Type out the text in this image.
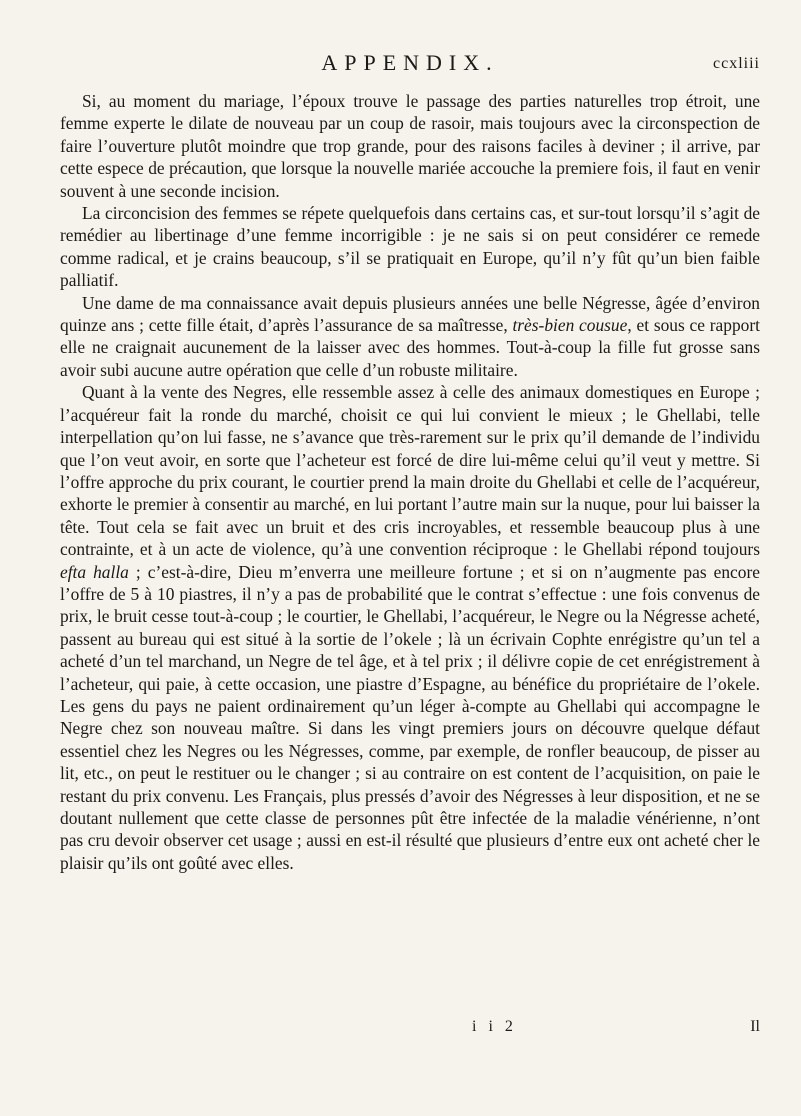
APPENDIX.	ccxliii

Si, au moment du mariage, l’époux trouve le passage des parties naturelles trop étroit, une femme experte le dilate de nouveau par un coup de rasoir, mais toujours avec la circonspection de faire l’ouverture plutôt moindre que trop grande, pour des raisons faciles à deviner ; il arrive, par cette espece de précaution, que lorsque la nouvelle mariée accouche la premiere fois, il faut en venir souvent à une seconde incision.

La circoncision des femmes se répete quelquefois dans certains cas, et sur-tout lorsqu’il s’agit de remédier au libertinage d’une femme incorrigible : je ne sais si on peut considérer ce remede comme radical, et je crains beaucoup, s’il se pratiquait en Europe, qu’il n’y fût qu’un bien faible palliatif.

Une dame de ma connaissance avait depuis plusieurs années une belle Négresse, âgée d’environ quinze ans ; cette fille était, d’après l’assurance de sa maîtresse, très-bien cousue, et sous ce rapport elle ne craignait aucunement de la laisser avec des hommes. Tout-à-coup la fille fut grosse sans avoir subi aucune autre opération que celle d’un robuste militaire.

Quant à la vente des Negres, elle ressemble assez à celle des animaux domestiques en Europe ; l’acquéreur fait la ronde du marché, choisit ce qui lui convient le mieux ; le Ghellabi, telle interpellation qu’on lui fasse, ne s’avance que très-rarement sur le prix qu’il demande de l’individu que l’on veut avoir, en sorte que l’acheteur est forcé de dire lui-même celui qu’il veut y mettre. Si l’offre approche du prix courant, le courtier prend la main droite du Ghellabi et celle de l’acquéreur, exhorte le premier à consentir au marché, en lui portant l’autre main sur la nuque, pour lui baisser la tête. Tout cela se fait avec un bruit et des cris incroyables, et ressemble beaucoup plus à une contrainte, et à un acte de violence, qu’à une convention réciproque : le Ghellabi répond toujours efta halla ; c’est-à-dire, Dieu m’enverra une meilleure fortune ; et si on n’augmente pas encore l’offre de 5 à 10 piastres, il n’y a pas de probabilité que le contrat s’effectue : une fois convenus de prix, le bruit cesse tout-à-coup ; le courtier, le Ghellabi, l’acquéreur, le Negre ou la Négresse acheté, passent au bureau qui est situé à la sortie de l’okele ; là un écrivain Cophte enrégistre qu’un tel a acheté d’un tel marchand, un Negre de tel âge, et à tel prix ; il délivre copie de cet enrégistrement à l’acheteur, qui paie, à cette occasion, une piastre d’Espagne, au bénéfice du propriétaire de l’okele. Les gens du pays ne paient ordinairement qu’un léger à-compte au Ghellabi qui accompagne le Negre chez son nouveau maître. Si dans les vingt premiers jours on découvre quelque défaut essentiel chez les Negres ou les Négresses, comme, par exemple, de ronfler beaucoup, de pisser au lit, etc., on peut le restituer ou le changer ; si au contraire on est content de l’acquisition, on paie le restant du prix convenu. Les Français, plus pressés d’avoir des Négresses à leur disposition, et ne se doutant nullement que cette classe de personnes pût être infectée de la maladie vénérienne, n’ont pas cru devoir observer cet usage ; aussi en est-il résulté que plusieurs d’entre eux ont acheté cher le plaisir qu’ils ont goûté avec elles.

i i 2	Il
